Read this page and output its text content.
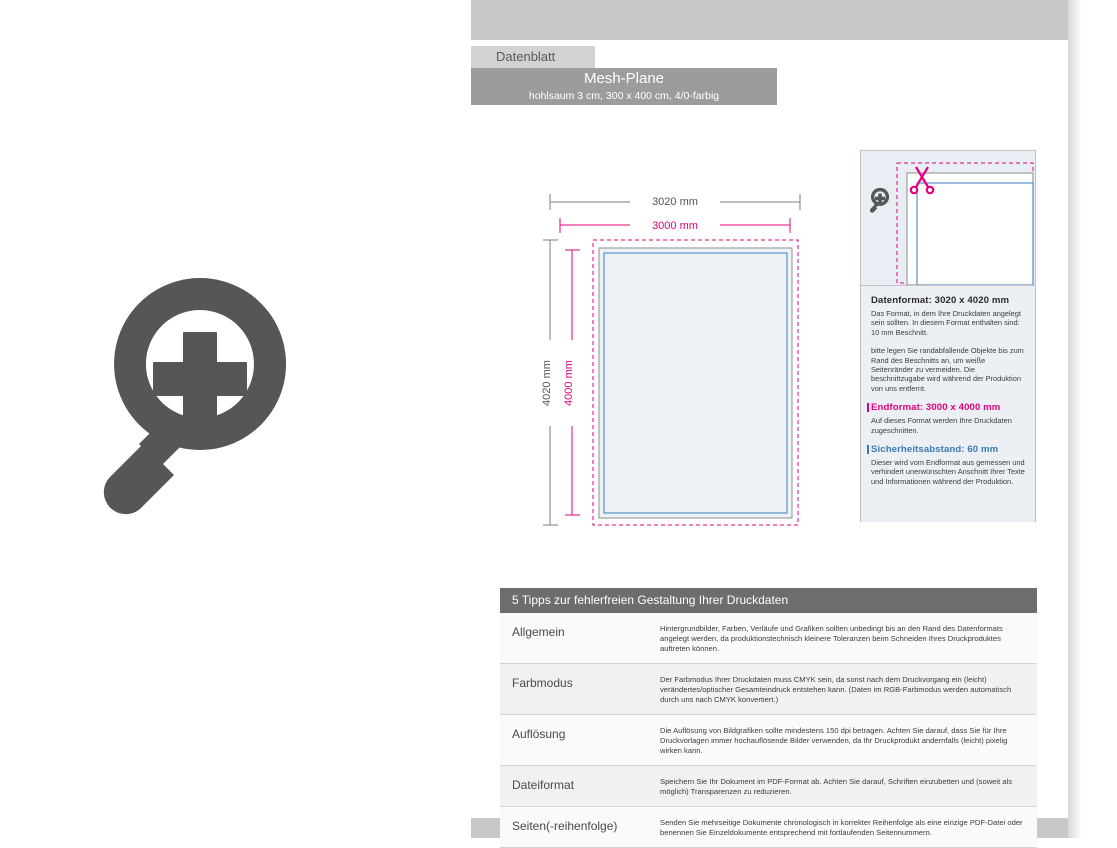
Datenblatt
Mesh-Plane
hohlsaum 3 cm, 300 x 400 cm, 4/0-farbig
3020 mm
3000 mm
4020 mm 4000 mm
Datenformat: 3020 x 4020 mm
Das Format, in dem Ihre Druckdaten angelegt sein sollten. In diesem Format enthalten sind: 10 mm Beschnitt.
bitte legen Sie randabfallende Objekte bis zum Rand des Beschnitts an, um weiße Seitenränder zu vermeiden. Die beschnittzugabe wird während der Produktion von uns entfernt.
Endformat: 3000 x 4000 mm
Auf dieses Format werden Ihre Druckdaten zugeschnitten.
Sicherheitsabstand: 60 mm
Dieser wird vom Endformat aus gemessen und verhindert unerwünschten Anschnitt Ihrer Texte und Informationen während der Produktion.
5 Tipps zur fehlerfreien Gestaltung Ihrer Druckdaten
Allgemein	Hintergrundbilder, Farben, Verläufe und Grafiken sollten unbedingt bis an den Rand des Datenformats angelegt werden, da produktionstechnisch kleinere Toleranzen beim Schneiden Ihres Druckproduktes auftreten können.
Farbmodus	Der Farbmodus Ihrer Druckdaten muss CMYK sein, da sonst nach dem Druckvorgang ein (leicht) verändertes/optischer Gesamteindruck entstehen kann. (Daten im RGB-Farbmodus werden automatisch durch uns nach CMYK konvertiert.)
Auflösung	Die Auflösung von Bildgrafiken sollte mindestens 150 dpi betragen. Achten Sie darauf, dass Sie für Ihre Druckvorlagen immer hochauflösende Bilder verwenden, da Ihr Druckprodukt andernfalls (leicht) pixelig wirken kann.
Dateiformat	Speichern Sie Ihr Dokument im PDF-Format ab. Achten Sie darauf, Schriften einzubetten und (soweit als möglich) Transparenzen zu reduzieren.
Seiten(-reihenfolge)	Senden Sie mehrseitige Dokumente chronologisch in korrekter Reihenfolge als eine einzige PDF-Datei oder benennen Sie Einzeldokumente entsprechend mit fortlaufenden Seitennummern.
